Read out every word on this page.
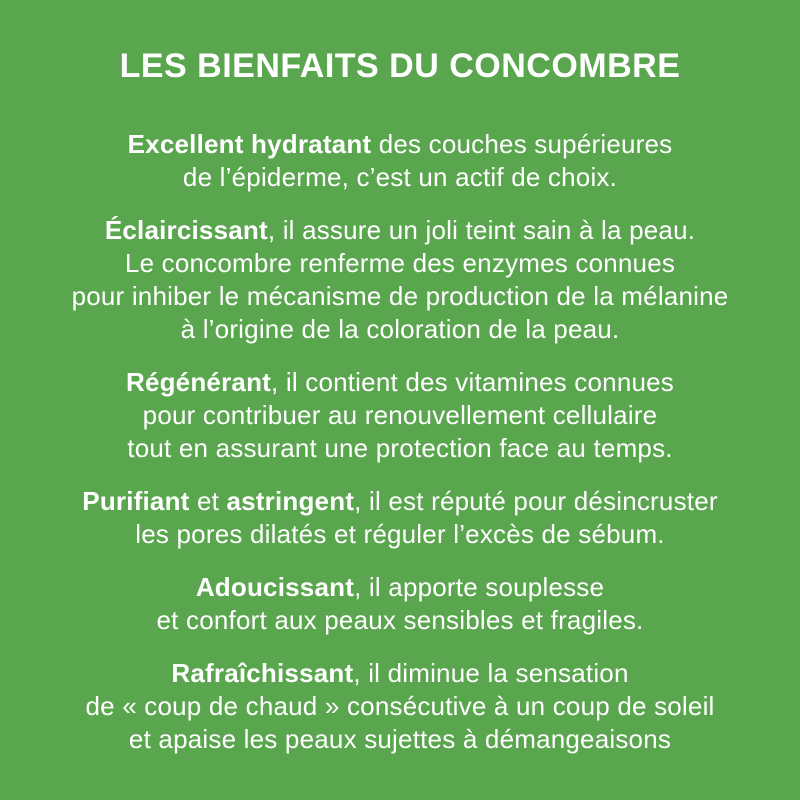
LES BIENFAITS DU CONCOMBRE

Excellent hydratant des couches supérieures
de l’épiderme, c’est un actif de choix.

Éclaircissant, il assure un joli teint sain à la peau.
Le concombre renferme des enzymes connues
pour inhiber le mécanisme de production de la mélanine
à l’origine de la coloration de la peau.

Régénérant, il contient des vitamines connues
pour contribuer au renouvellement cellulaire
tout en assurant une protection face au temps.

Purifiant et astringent, il est réputé pour désincruster
les pores dilatés et réguler l’excès de sébum.

Adoucissant, il apporte souplesse
et confort aux peaux sensibles et fragiles.

Rafraîchissant, il diminue la sensation
de « coup de chaud » consécutive à un coup de soleil
et apaise les peaux sujettes à démangeaisons
